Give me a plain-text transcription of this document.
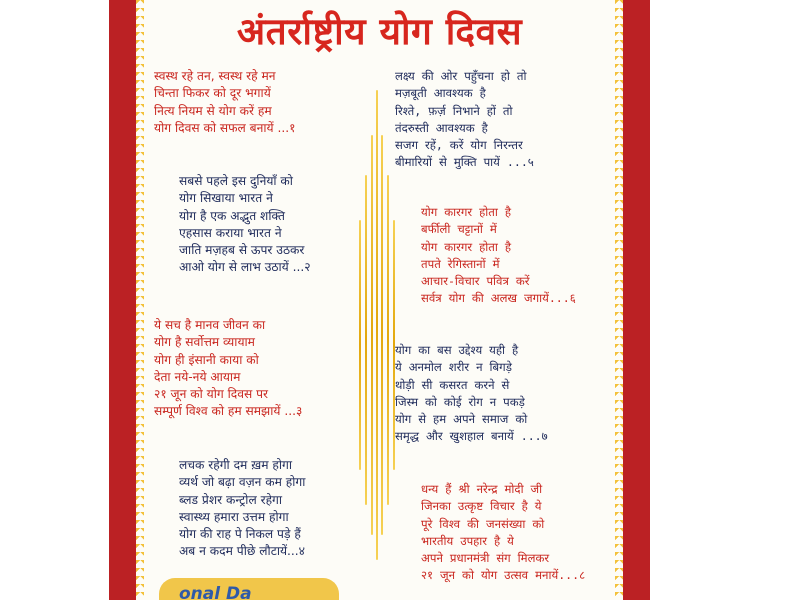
अंतर्राष्ट्रीय योग दिवस
स्वस्थ रहे तन, स्वस्थ रहे मन
चिन्ता फिकर को दूर भगायें
नित्य नियम से योग करें हम
योग दिवस को सफल बनायें ...१
सबसे पहले इस दुनियाँ को
योग सिखाया भारत ने
योग है एक अद्भुत शक्ति
एहसास कराया भारत ने
जाति मज़हब से ऊपर उठकर
आओ योग से लाभ उठायें ...२
ये सच है मानव जीवन का
योग है सर्वोत्तम व्यायाम
योग ही इंसानी काया को
देता नये-नये आयाम
२१ जून को योग दिवस पर
सम्पूर्ण विश्व को हम समझायें ...३
लचक रहेगी दम ख़म होगा
व्यर्थ जो बढ़ा वज़न कम होगा
ब्लड प्रेशर कन्ट्रोल रहेगा
स्वास्थ्य हमारा उत्तम होगा
योग की राह पे निकल पड़े हैं
अब न कदम पीछे लौटायें...४
लक्ष्य की ओर पहुँचना हो तो
मज़बूती आवश्यक है
रिश्ते, फ़र्ज़ निभाने हों तो
तंदरुस्ती आवश्यक है
सजग रहें, करें योग निरन्तर
बीमारियों से मुक्ति पायें ...५
योग कारगर होता है
बर्फीली चट्टानों में
योग कारगर होता है
तपते रेगिस्तानों में
आचार-विचार पवित्र करें
सर्वत्र योग की अलख जगायें...६
योग का बस उद्देश्य यही है
ये अनमोल शरीर न बिगड़े
थोड़ी सी कसरत करने से
जिस्म को कोई रोग न पकड़े
योग से हम अपने समाज को
समृद्ध और खुशहाल बनायें ...७
धन्य हैं श्री नरेन्द्र मोदी जी
जिनका उत्कृष्ट विचार है ये
पूरे विश्व की जनसंख्या को
भारतीय उपहार है ये
अपने प्रधानमंत्री संग मिलकर
२१ जून को योग उत्सव मनायें...८
onal Da
